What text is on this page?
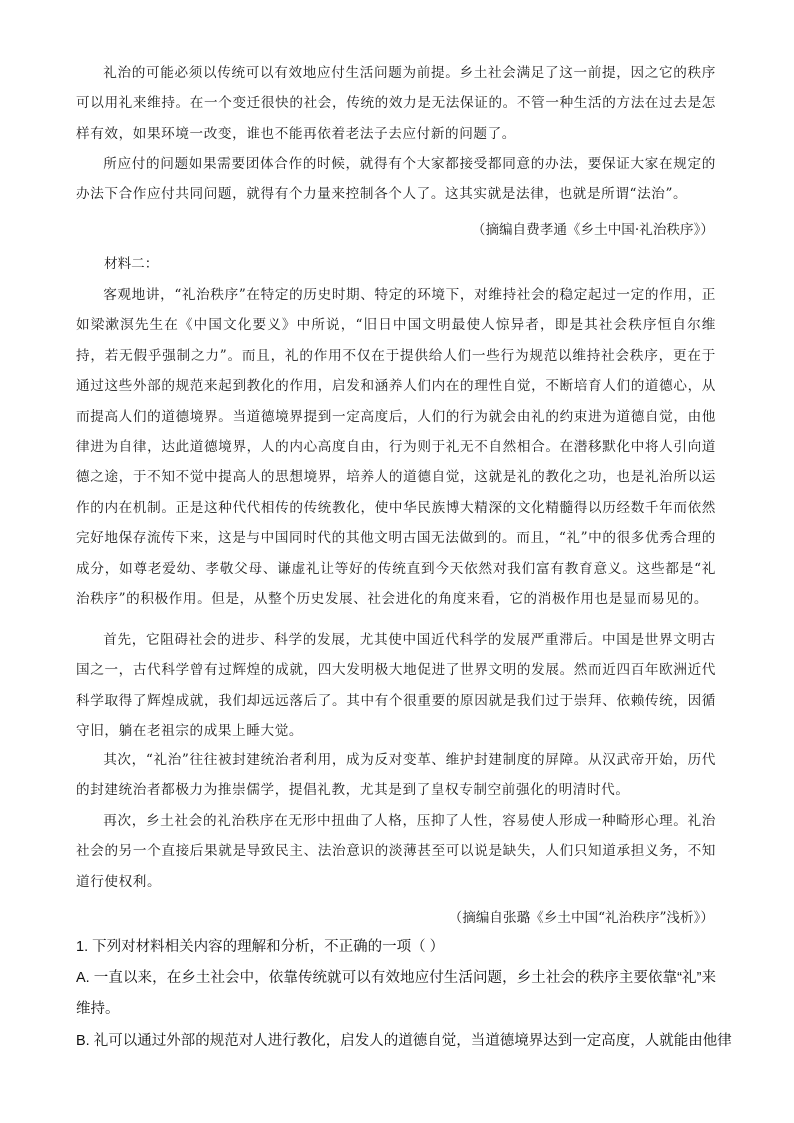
礼治的可能必须以传统可以有效地应付生活问题为前提。乡土社会满足了这一前提，因之它的秩序可以用礼来维持。在一个变迁很快的社会，传统的效力是无法保证的。不管一种生活的方法在过去是怎样有效，如果环境一改变，谁也不能再依着老法子去应付新的问题了。

所应付的问题如果需要团体合作的时候，就得有个大家都接受都同意的办法，要保证大家在规定的办法下合作应付共同问题，就得有个力量来控制各个人了。这其实就是法律，也就是所谓“法治”。

（摘编自费孝通《乡土中国·礼治秩序》）

材料二：

客观地讲，“礼治秩序”在特定的历史时期、特定的环境下，对维持社会的稳定起过一定的作用，正如梁漱溟先生在《中国文化要义》中所说，“旧日中国文明最使人惊异者，即是其社会秩序恒自尔维持，若无假乎强制之力”。而且，礼的作用不仅在于提供给人们一些行为规范以维持社会秩序，更在于通过这些外部的规范来起到教化的作用，启发和涵养人们内在的理性自觉，不断培育人们的道德心，从而提高人们的道德境界。当道德境界提到一定高度后，人们的行为就会由礼的约束进为道德自觉，由他律进为自律，达此道德境界，人的内心高度自由，行为则于礼无不自然相合。在潜移默化中将人引向道德之途，于不知不觉中提高人的思想境界，培养人的道德自觉，这就是礼的教化之功，也是礼治所以运作的内在机制。正是这种代代相传的传统教化，使中华民族博大精深的文化精髓得以历经数千年而依然完好地保存流传下来，这是与中国同时代的其他文明古国无法做到的。而且，“礼”中的很多优秀合理的成分，如尊老爱幼、孝敬父母、谦虚礼让等好的传统直到今天依然对我们富有教育意义。这些都是“礼治秩序”的积极作用。但是，从整个历史发展、社会进化的角度来看，它的消极作用也是显而易见的。

首先，它阻碍社会的进步、科学的发展，尤其使中国近代科学的发展严重滞后。中国是世界文明古国之一，古代科学曾有过辉煌的成就，四大发明极大地促进了世界文明的发展。然而近四百年欧洲近代科学取得了辉煌成就，我们却远远落后了。其中有个很重要的原因就是我们过于崇拜、依赖传统，因循守旧，躺在老祖宗的成果上睡大觉。

其次，“礼治”往往被封建统治者利用，成为反对变革、维护封建制度的屏障。从汉武帝开始，历代的封建统治者都极力为推崇儒学，提倡礼教，尤其是到了皇权专制空前强化的明清时代。

再次，乡土社会的礼治秩序在无形中扭曲了人格，压抑了人性，容易使人形成一种畸形心理。礼治社会的另一个直接后果就是导致民主、法治意识的淡薄甚至可以说是缺失，人们只知道承担义务，不知道行使权利。

（摘编自张璐《乡土中国“礼治秩序”浅析》）

1. 下列对材料相关内容的理解和分析，不正确的一项（ ）

A. 一直以来，在乡土社会中，依靠传统就可以有效地应付生活问题，乡土社会的秩序主要依靠“礼”来维持。

B. 礼可以通过外部的规范对人进行教化，启发人的道德自觉，当道德境界达到一定高度，人就能由他律
